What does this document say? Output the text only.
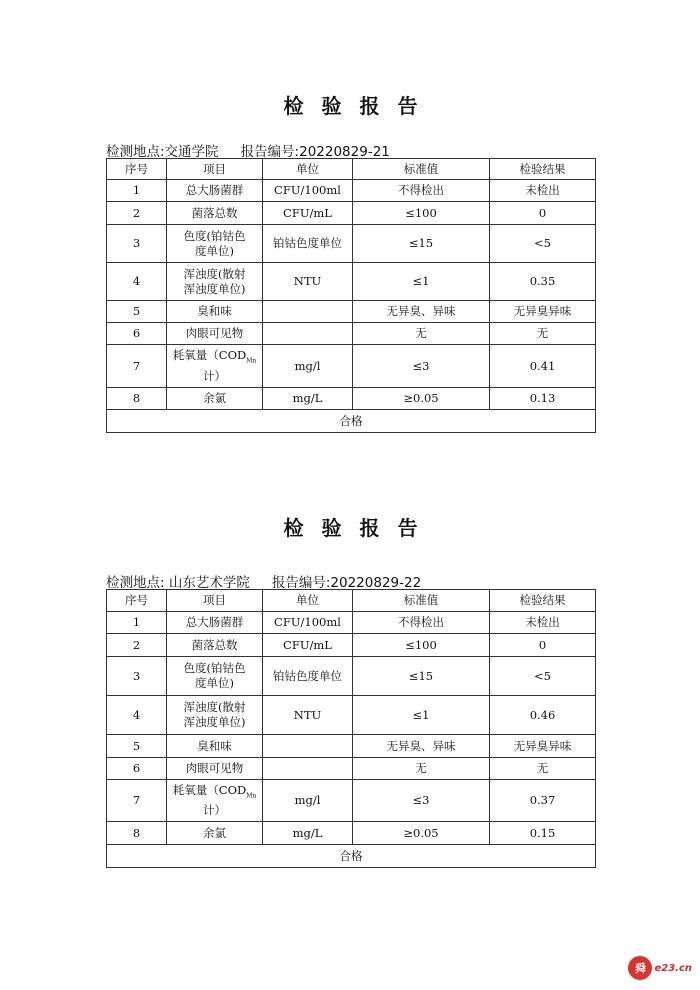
检 验 报 告
检测地点:交通学院 报告编号:20220829-21
序号	项目	单位	标准值	检验结果
1	总大肠菌群	CFU/100ml	不得检出	未检出
2	菌落总数	CFU/mL	≤100	0
3	色度(铂钴色
度单位)	铂钴色度单位	≤15	<5
4	浑浊度(散射
浑浊度单位)	NTU	≤1	0.35
5	臭和味		无异臭、异味	无异臭异味
6	肉眼可见物		无	无
7	耗氧量（$COD_{Mn}$
计）	mg/l	≤3	0.41
8	余氯	mg/L	≥0.05	0.13
合格				
检 验 报 告
检测地点: 山东艺术学院 报告编号:20220829-22
序号	项目	单位	标准值	检验结果
1	总大肠菌群	CFU/100ml	不得检出	未检出
2	菌落总数	CFU/mL	≤100	0
3	色度(铂钴色
度单位)	铂钴色度单位	≤15	<5
4	浑浊度(散射
浑浊度单位)	NTU	≤1	0.46
5	臭和味		无异臭、异味	无异臭异味
6	肉眼可见物		无	无
7	耗氧量（$COD_{Mn}$
计）	mg/l	≤3	0.37
8	余氯	mg/L	≥0.05	0.15
合格				
舜 e23.cn
